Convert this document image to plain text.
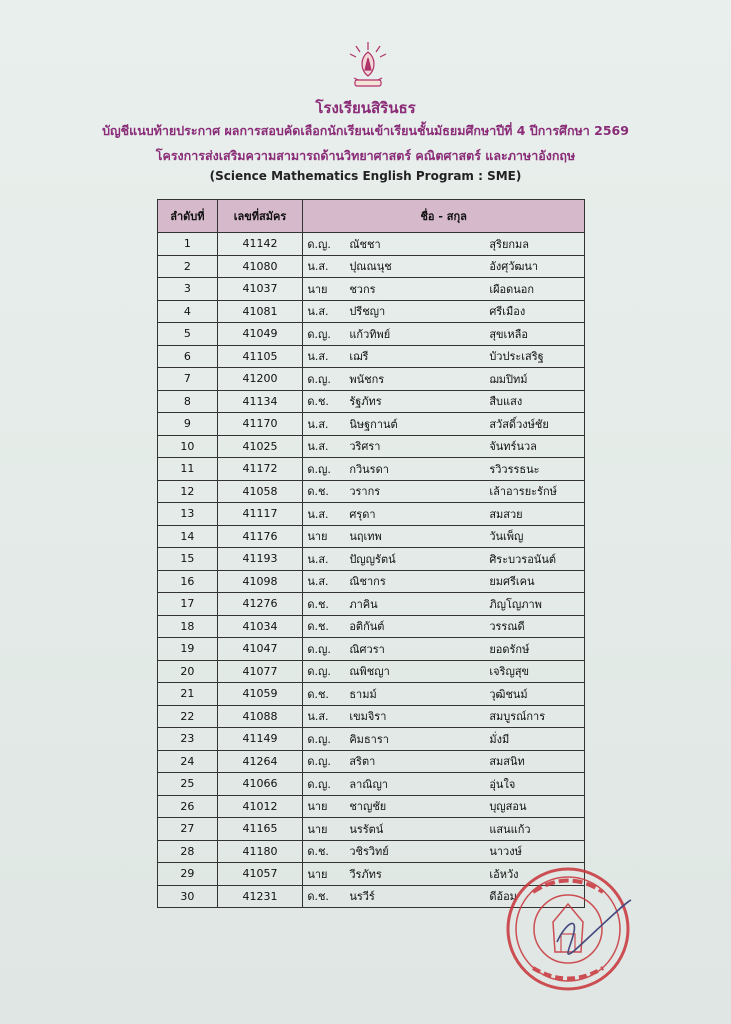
โรงเรียนสิรินธร
บัญชีแนบท้ายประกาศ ผลการสอบคัดเลือกนักเรียนเข้าเรียนชั้นมัธยมศึกษาปีที่ 4 ปีการศึกษา 2569
โครงการส่งเสริมความสามารถด้านวิทยาศาสตร์ คณิตศาสตร์ และภาษาอังกฤษ
(Science Mathematics English Program : SME)
ลำดับที่	เลขที่สมัคร	ชื่อ - สกุล
1	41142	ด.ญ. ณัชชา สุริยกมล

2	41080	น.ส. ปุณณนุช อังศุวัฒนา

3	41037	นาย ชวกร เผือดนอก

4	41081	น.ส. ปรีชญา ศรีเมือง

5	41049	ด.ญ. แก้วทิพย์ สุขเหลือ

6	41105	น.ส. เฌรี บัวประเสริฐ

7	41200	ด.ญ. พนัชกร ฌมปิทม์

8	41134	ด.ช. รัฐภัทร สืบแสง

9	41170	น.ส. นิษฐกานต์ สวัสดิ์วงษ์ชัย

10	41025	น.ส. วริศรา จันทร์นวล

11	41172	ด.ญ. กวินรดา รวิวรรธนะ

12	41058	ด.ช. วรากร เล้าอารยะรักษ์

13	41117	น.ส. ศรุดา สมสวย

14	41176	นาย นฤเทพ วันเพ็ญ

15	41193	น.ส. ปัญญรัตน์ ศิระบวรอนันต์

16	41098	น.ส. ณิชากร ยมศรีเคน

17	41276	ด.ช. ภาคิน ภิญโญภาพ

18	41034	ด.ช. อติกันต์ วรรณดี

19	41047	ด.ญ. ณิศวรา ยอดรักษ์

20	41077	ด.ญ. ณพิชญา เจริญสุข

21	41059	ด.ช. ธามม์ วุฒิชนม์

22	41088	น.ส. เขมจิรา สมบูรณ์การ

23	41149	ด.ญ. คิมธารา มั่งมี

24	41264	ด.ญ. สริตา สมสนิท

25	41066	ด.ญ. ลาณิญา อุ่นใจ

26	41012	นาย ชาญชัย บุญสอน

27	41165	นาย นรรัตน์ แสนแก้ว

28	41180	ด.ช. วชิรวิทย์ นาวงษ์

29	41057	นาย วีรภัทร เอ้หวัง

30	41231	ด.ช. นรวีร์ ดีอ้อม
